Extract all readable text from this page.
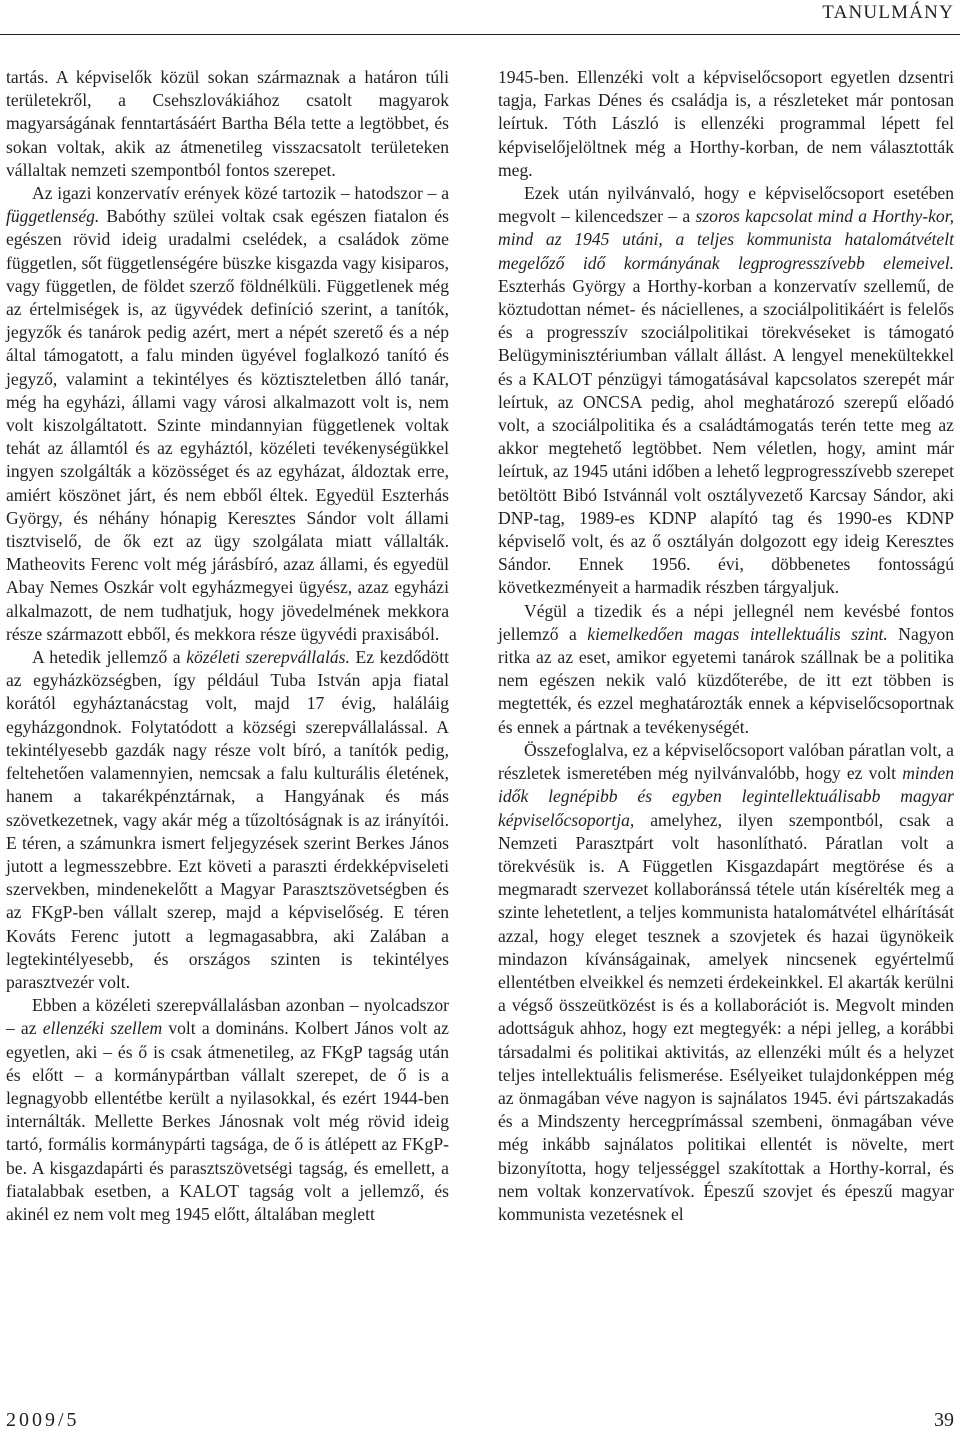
TANULMÁNY

tartás. A képviselők közül sokan származnak a határon túli területekről, a Csehszlovákiához csatolt magyarok magyarságának fenntartásáért Bartha Béla tette a legtöbbet, és sokan voltak, akik az átmenetileg visszacsatolt területeken vállaltak nemzeti szempontból fontos szerepet.

Az igazi konzervatív erények közé tartozik – hatodszor – a függetlenség. Babóthy szülei voltak csak egészen fiatalon és egészen rövid ideig uradalmi cselédek, a családok zöme független, sőt függetlenségére büszke kisgazda vagy kisiparos, vagy független, de földet szerző földnélküli. Függetlenek még az értelmiségek is, az ügyvédek definíció szerint, a tanítók, jegyzők és tanárok pedig azért, mert a népét szerető és a nép által támogatott, a falu minden ügyével foglalkozó tanító és jegyző, valamint a tekintélyes és köztiszteletben álló tanár, még ha egyházi, állami vagy városi alkalmazott volt is, nem volt kiszolgáltatott. Szinte mindannyian függetlenek voltak tehát az államtól és az egyháztól, közéleti tevékenységükkel ingyen szolgálták a közösséget és az egyházat, áldoztak erre, amiért köszönet járt, és nem ebből éltek. Egyedül Eszterhás György, és néhány hónapig Keresztes Sándor volt állami tisztviselő, de ők ezt az ügy szolgálata miatt vállalták. Matheovits Ferenc volt még járásbíró, azaz állami, és egyedül Abay Nemes Oszkár volt egyházmegyei ügyész, azaz egyházi alkalmazott, de nem tudhatjuk, hogy jövedelmének mekkora része származott ebből, és mekkora része ügyvédi praxisából.

A hetedik jellemző a közéleti szerepvállalás. Ez kezdődött az egyházközségben, így például Tuba István apja fiatal korától egyháztanácstag volt, majd 17 évig, haláláig egyházgondnok. Folytatódott a községi szerepvállalással. A tekintélyesebb gazdák nagy része volt bíró, a tanítók pedig, feltehetően valamennyien, nemcsak a falu kulturális életének, hanem a takarékpénztárnak, a Hangyának és más szövetkezetnek, vagy akár még a tűzoltóságnak is az irányítói. E téren, a számunkra ismert feljegyzések szerint Berkes János jutott a legmesszebbre. Ezt követi a paraszti érdekképviseleti szervekben, mindenekelőtt a Magyar Parasztszövetségben és az FKgP-ben vállalt szerep, majd a képviselőség. E téren Kováts Ferenc jutott a legmagasabbra, aki Zalában a legtekintélyesebb, és országos szinten is tekintélyes parasztvezér volt.

Ebben a közéleti szerepvállalásban azonban – nyolcadszor – az ellenzéki szellem volt a domináns. Kolbert János volt az egyetlen, aki – és ő is csak átmenetileg, az FKgP tagság után és előtt – a kormánypártban vállalt szerepet, de ő is a legnagyobb ellentétbe került a nyilasokkal, és ezért 1944-ben internálták. Mellette Berkes Jánosnak volt még rövid ideig tartó, formális kormánypárti tagsága, de ő is átlépett az FKgP-be. A kisgazdapárti és parasztszövetségi tagság, és emellett, a fiatalabbak esetben, a KALOT tagság volt a jellemző, és akinél ez nem volt meg 1945 előtt, általában meglett

1945-ben. Ellenzéki volt a képviselőcsoport egyetlen dzsentri tagja, Farkas Dénes és családja is, a részleteket már pontosan leírtuk. Tóth László is ellenzéki programmal lépett fel képviselőjelöltnek még a Horthy-korban, de nem választották meg.

Ezek után nyilvánvaló, hogy e képviselőcsoport esetében megvolt – kilencedszer – a szoros kapcsolat mind a Horthy-kor, mind az 1945 utáni, a teljes kommunista hatalomátvételt megelőző idő kormányának legprogresszívebb elemeivel. Eszterhás György a Horthy-korban a konzervatív szellemű, de köztudottan német- és náciellenes, a szociálpolitikáért is felelős és a progresszív szociálpolitikai törekvéseket is támogató Belügyminisztériumban vállalt állást. A lengyel menekültekkel és a KALOT pénzügyi támogatásával kapcsolatos szerepét már leírtuk, az ONCSA pedig, ahol meghatározó szerepű előadó volt, a szociálpolitika és a családtámogatás terén tette meg az akkor megtehető legtöbbet. Nem véletlen, hogy, amint már leírtuk, az 1945 utáni időben a lehető legprogresszívebb szerepet betöltött Bibó Istvánnál volt osztályvezető Karcsay Sándor, aki DNP-tag, 1989-es KDNP alapító tag és 1990-es KDNP képviselő volt, és az ő osztályán dolgozott egy ideig Keresztes Sándor. Ennek 1956. évi, döbbenetes fontosságú következményeit a harmadik részben tárgyaljuk.

Végül a tizedik és a népi jellegnél nem kevésbé fontos jellemző a kiemelkedően magas intellektuális szint. Nagyon ritka az az eset, amikor egyetemi tanárok szállnak be a politika nem egészen nekik való küzdőterébe, de itt ezt többen is megtették, és ezzel meghatározták ennek a képviselőcsoportnak és ennek a pártnak a tevékenységét.

Összefoglalva, ez a képviselőcsoport valóban páratlan volt, a részletek ismeretében még nyilvánvalóbb, hogy ez volt minden idők legnépibb és egyben legintellektuálisabb magyar képviselőcsoportja, amelyhez, ilyen szempontból, csak a Nemzeti Parasztpárt volt hasonlítható. Páratlan volt a törekvésük is. A Független Kisgazdapárt megtörése és a megmaradt szervezet kollaboránssá tétele után kísérelték meg a szinte lehetetlent, a teljes kommunista hatalomátvétel elhárítását azzal, hogy eleget tesznek a szovjetek és hazai ügynökeik mindazon kívánságainak, amelyek nincsenek egyértelmű ellentétben elveikkel és nemzeti érdekeinkkel. El akarták kerülni a végső összeütközést is és a kollaborációt is. Megvolt minden adottságuk ahhoz, hogy ezt megtegyék: a népi jelleg, a korábbi társadalmi és politikai aktivitás, az ellenzéki múlt és a helyzet teljes intellektuális felismerése. Esélyeiket tulajdonképpen még az önmagában véve nagyon is sajnálatos 1945. évi pártszakadás és a Mindszenty hercegprímással szembeni, önmagában véve még inkább sajnálatos politikai ellentét is növelte, mert bizonyította, hogy teljességgel szakítottak a Horthy-korral, és nem voltak konzervatívok. Épeszű szovjet és épeszű magyar kommunista vezetésnek el

2009/5	39
